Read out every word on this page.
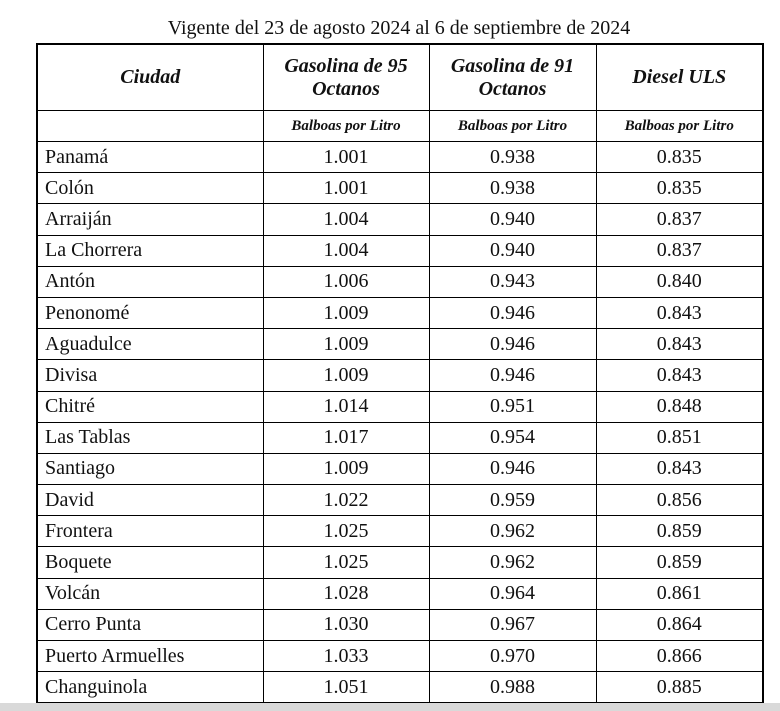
Vigente del 23 de agosto 2024 al 6 de septiembre de 2024
Ciudad	Gasolina de 95 Octanos	Gasolina de 91 Octanos	Diesel ULS
	Balboas por Litro	Balboas por Litro	Balboas por Litro
Panamá	1.001	0.938	0.835
Colón	1.001	0.938	0.835
Arraiján	1.004	0.940	0.837
La Chorrera	1.004	0.940	0.837
Antón	1.006	0.943	0.840
Penonomé	1.009	0.946	0.843
Aguadulce	1.009	0.946	0.843
Divisa	1.009	0.946	0.843
Chitré	1.014	0.951	0.848
Las Tablas	1.017	0.954	0.851
Santiago	1.009	0.946	0.843
David	1.022	0.959	0.856
Frontera	1.025	0.962	0.859
Boquete	1.025	0.962	0.859
Volcán	1.028	0.964	0.861
Cerro Punta	1.030	0.967	0.864
Puerto Armuelles	1.033	0.970	0.866
Changuinola	1.051	0.988	0.885
